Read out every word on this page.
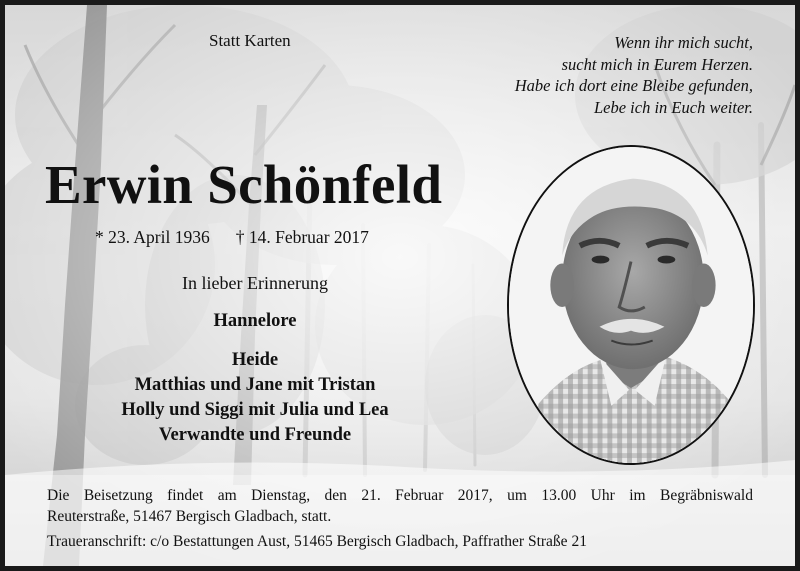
Statt Karten	Wenn ihr mich sucht,
sucht mich in Eurem Herzen.
Habe ich dort eine Bleibe gefunden,
Lebe ich in Euch weiter.
Erwin Schönfeld
* 23. April 1936 † 14. Februar 2017
In lieber Erinnerung
Hannelore
Heide
Matthias und Jane mit Tristan
Holly und Siggi mit Julia und Lea
Verwandte und Freunde
Die Beisetzung findet am Dienstag, den 21. Februar 2017, um 13.00 Uhr im Begräbniswald
Reuterstraße, 51467 Bergisch Gladbach, statt.
Traueranschrift: c/o Bestattungen Aust, 51465 Bergisch Gladbach, Paffrather Straße 21
